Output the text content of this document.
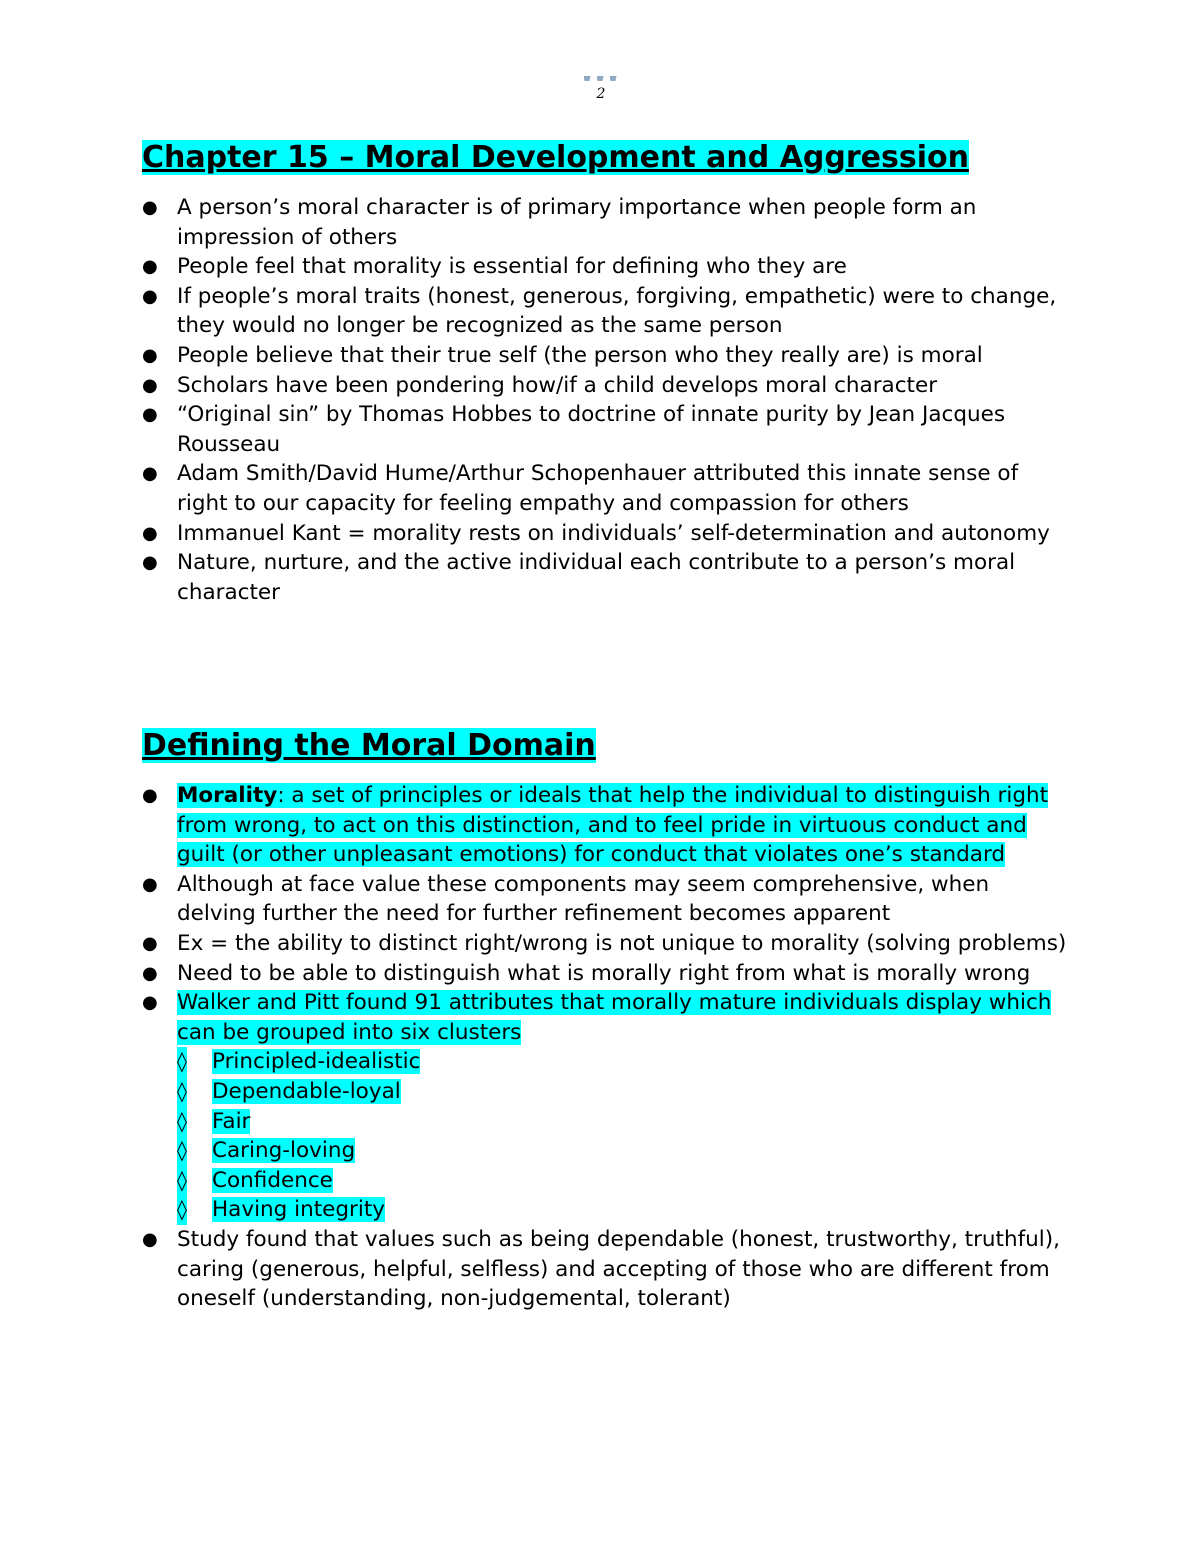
2
Chapter 15 – Moral Development and Aggression
●
A person’s moral character is of primary importance when people form an impression of others
●
People feel that morality is essential for defining who they are
●
If people’s moral traits (honest, generous, forgiving, empathetic) were to change, they would no longer be recognized as the same person
●
People believe that their true self (the person who they really are) is moral
●
Scholars have been pondering how/if a child develops moral character
●
“Original sin” by Thomas Hobbes to doctrine of innate purity by Jean Jacques Rousseau
●
Adam Smith/David Hume/Arthur Schopenhauer attributed this innate sense of right to our capacity for feeling empathy and compassion for others
●
Immanuel Kant = morality rests on individuals’ self-determination and autonomy
●
Nature, nurture, and the active individual each contribute to a person’s moral character
Defining the Moral Domain
●
Morality: a set of principles or ideals that help the individual to distinguish right from wrong, to act on this distinction, and to feel pride in virtuous conduct and guilt (or other unpleasant emotions) for conduct that violates one’s standard
●
Although at face value these components may seem comprehensive, when delving further the need for further refinement becomes apparent
●
Ex = the ability to distinct right/wrong is not unique to morality (solving problems)
●
Need to be able to distinguish what is morally right from what is morally wrong
●
Walker and Pitt found 91 attributes that morally mature individuals display which can be grouped into six clusters
◊ Principled-idealistic
◊ Dependable-loyal
◊ Fair
◊ Caring-loving
◊ Confidence
◊ Having integrity
●
Study found that values such as being dependable (honest, trustworthy, truthful), caring (generous, helpful, selfless) and accepting of those who are different from oneself (understanding, non-judgemental, tolerant)
